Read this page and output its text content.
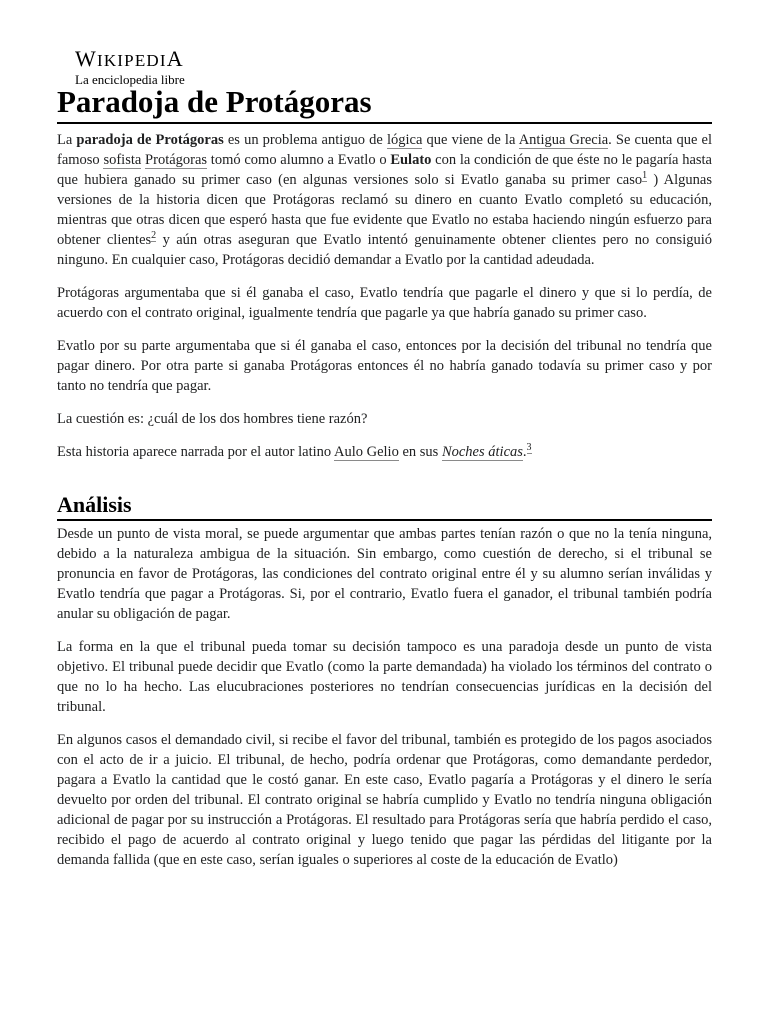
WIKIPEDIA
La enciclopedia libre
Paradoja de Protágoras

La paradoja de Protágoras es un problema antiguo de lógica que viene de la Antigua Grecia. Se cuenta que el famoso sofista Protágoras tomó como alumno a Evatlo o Eulato con la condición de que éste no le pagaría hasta que hubiera ganado su primer caso (en algunas versiones solo si Evatlo ganaba su primer caso$^1$ ) Algunas versiones de la historia dicen que Protágoras reclamó su dinero en cuanto Evatlo completó su educación, mientras que otras dicen que esperó hasta que fue evidente que Evatlo no estaba haciendo ningún esfuerzo para obtener clientes$^2$ y aún otras aseguran que Evatlo intentó genuinamente obtener clientes pero no consiguió ninguno. En cualquier caso, Protágoras decidió demandar a Evatlo por la cantidad adeudada.

Protágoras argumentaba que si él ganaba el caso, Evatlo tendría que pagarle el dinero y que si lo perdía, de acuerdo con el contrato original, igualmente tendría que pagarle ya que habría ganado su primer caso.

Evatlo por su parte argumentaba que si él ganaba el caso, entonces por la decisión del tribunal no tendría que pagar dinero. Por otra parte si ganaba Protágoras entonces él no habría ganado todavía su primer caso y por tanto no tendría que pagar.

La cuestión es: ¿cuál de los dos hombres tiene razón?

Esta historia aparece narrada por el autor latino Aulo Gelio en sus Noches áticas.$^3$

Análisis

Desde un punto de vista moral, se puede argumentar que ambas partes tenían razón o que no la tenía ninguna, debido a la naturaleza ambigua de la situación. Sin embargo, como cuestión de derecho, si el tribunal se pronuncia en favor de Protágoras, las condiciones del contrato original entre él y su alumno serían inválidas y Evatlo tendría que pagar a Protágoras. Si, por el contrario, Evatlo fuera el ganador, el tribunal también podría anular su obligación de pagar.

La forma en la que el tribunal pueda tomar su decisión tampoco es una paradoja desde un punto de vista objetivo. El tribunal puede decidir que Evatlo (como la parte demandada) ha violado los términos del contrato o que no lo ha hecho. Las elucubraciones posteriores no tendrían consecuencias jurídicas en la decisión del tribunal.

En algunos casos el demandado civil, si recibe el favor del tribunal, también es protegido de los pagos asociados con el acto de ir a juicio. El tribunal, de hecho, podría ordenar que Protágoras, como demandante perdedor, pagara a Evatlo la cantidad que le costó ganar. En este caso, Evatlo pagaría a Protágoras y el dinero le sería devuelto por orden del tribunal. El contrato original se habría cumplido y Evatlo no tendría ninguna obligación adicional de pagar por su instrucción a Protágoras. El resultado para Protágoras sería que habría perdido el caso, recibido el pago de acuerdo al contrato original y luego tenido que pagar las pérdidas del litigante por la demanda fallida (que en este caso, serían iguales o superiores al coste de la educación de Evatlo)
